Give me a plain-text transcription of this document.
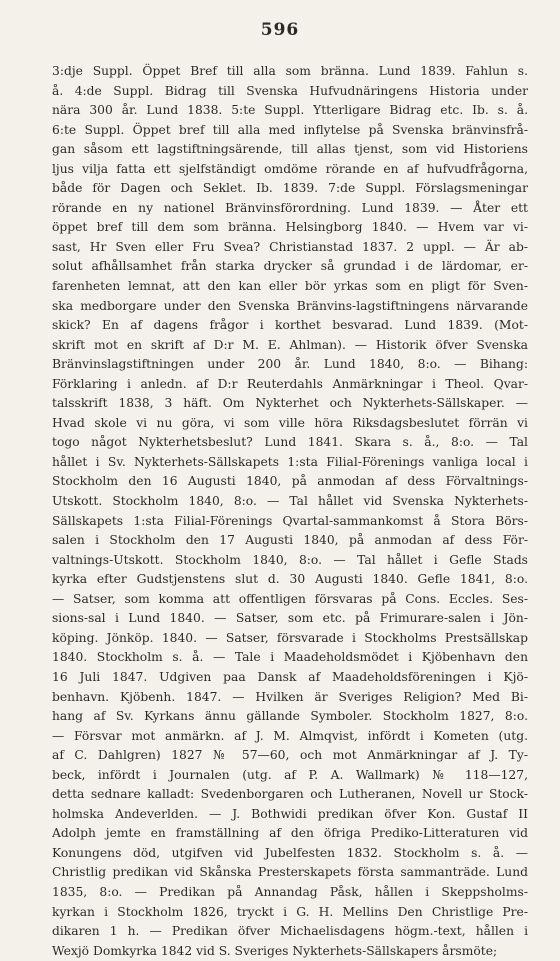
596
3:dje Suppl. Öppet Bref till alla som bränna. Lund 1839. Fahlun s.
å. 4:de Suppl. Bidrag till Svenska Hufvudnäringens Historia under
nära 300 år. Lund 1838. 5:te Suppl. Ytterligare Bidrag etc. Ib. s. å.
6:te Suppl. Öppet bref till alla med inflytelse på Svenska bränvinsfrå-
gan såsom ett lagstiftningsärende, till allas tjenst, som vid Historiens
ljus vilja fatta ett sjelfständigt omdöme rörande en af hufvudfrågorna,
både för Dagen och Seklet. Ib. 1839. 7:de Suppl. Förslagsmeningar
rörande en ny nationel Bränvinsförordning. Lund 1839. — Åter ett
öppet bref till dem som bränna. Helsingborg 1840. — Hvem var vi-
sast, Hr Sven eller Fru Svea? Christianstad 1837. 2 uppl. — Är ab-
solut afhållsamhet från starka drycker så grundad i de lärdomar, er-
farenheten lemnat, att den kan eller bör yrkas som en pligt för Sven-
ska medborgare under den Svenska Bränvins-lagstiftningens närvarande
skick? En af dagens frågor i korthet besvarad. Lund 1839. (Mot-
skrift mot en skrift af D:r M. E. Ahlman). — Historik öfver Svenska
Bränvinslagstiftningen under 200 år. Lund 1840, 8:o. — Bihang:
Förklaring i anledn. af D:r Reuterdahls Anmärkningar i Theol. Qvar-
talsskrift 1838, 3 häft. Om Nykterhet och Nykterhets-Sällskaper. —
Hvad skole vi nu göra, vi som ville höra Riksdagsbeslutet förrän vi
togo något Nykterhetsbeslut? Lund 1841. Skara s. å., 8:o. — Tal
hållet i Sv. Nykterhets-Sällskapets 1:sta Filial-Förenings vanliga local i
Stockholm den 16 Augusti 1840, på anmodan af dess Förvaltnings-
Utskott. Stockholm 1840, 8:o. — Tal hållet vid Svenska Nykterhets-
Sällskapets 1:sta Filial-Förenings Qvartal-sammankomst å Stora Börs-
salen i Stockholm den 17 Augusti 1840, på anmodan af dess För-
valtnings-Utskott. Stockholm 1840, 8:o. — Tal hållet i Gefle Stads
kyrka efter Gudstjenstens slut d. 30 Augusti 1840. Gefle 1841, 8:o.
— Satser, som komma att offentligen försvaras på Cons. Eccles. Ses-
sions-sal i Lund 1840. — Satser, som etc. på Frimurare-salen i Jön-
köping. Jönköp. 1840. — Satser, försvarade i Stockholms Prestsällskap
1840. Stockholm s. å. — Tale i Maadeholdsmödet i Kjöbenhavn den
16 Juli 1847. Udgiven paa Dansk af Maadeholdsföreningen i Kjö-
benhavn. Kjöbenh. 1847. — Hvilken är Sveriges Religion? Med Bi-
hang af Sv. Kyrkans ännu gällande Symboler. Stockholm 1827, 8:o.
— Försvar mot anmärkn. af J. M. Almqvist, infördt i Kometen (utg.
af C. Dahlgren) 1827 № 57—60, och mot Anmärkningar af J. Ty-
beck, infördt i Journalen (utg. af P. A. Wallmark) № 118—127,
detta sednare kalladt: Svedenborgaren och Lutheranen, Novell ur Stock-
holmska Andeverlden. — J. Bothwidi predikan öfver Kon. Gustaf II
Adolph jemte en framställning af den öfriga Prediko-Litteraturen vid
Konungens död, utgifven vid Jubelfesten 1832. Stockholm s. å. —
Christlig predikan vid Skånska Presterskapets första sammanträde. Lund
1835, 8:o. — Predikan på Annandag Påsk, hållen i Skeppsholms-
kyrkan i Stockholm 1826, tryckt i G. H. Mellins Den Christlige Pre-
dikaren 1 h. — Predikan öfver Michaelisdagens högm.-text, hållen i
Wexjö Domkyrka 1842 vid S. Sveriges Nykterhets-Sällskapers årsmöte;
